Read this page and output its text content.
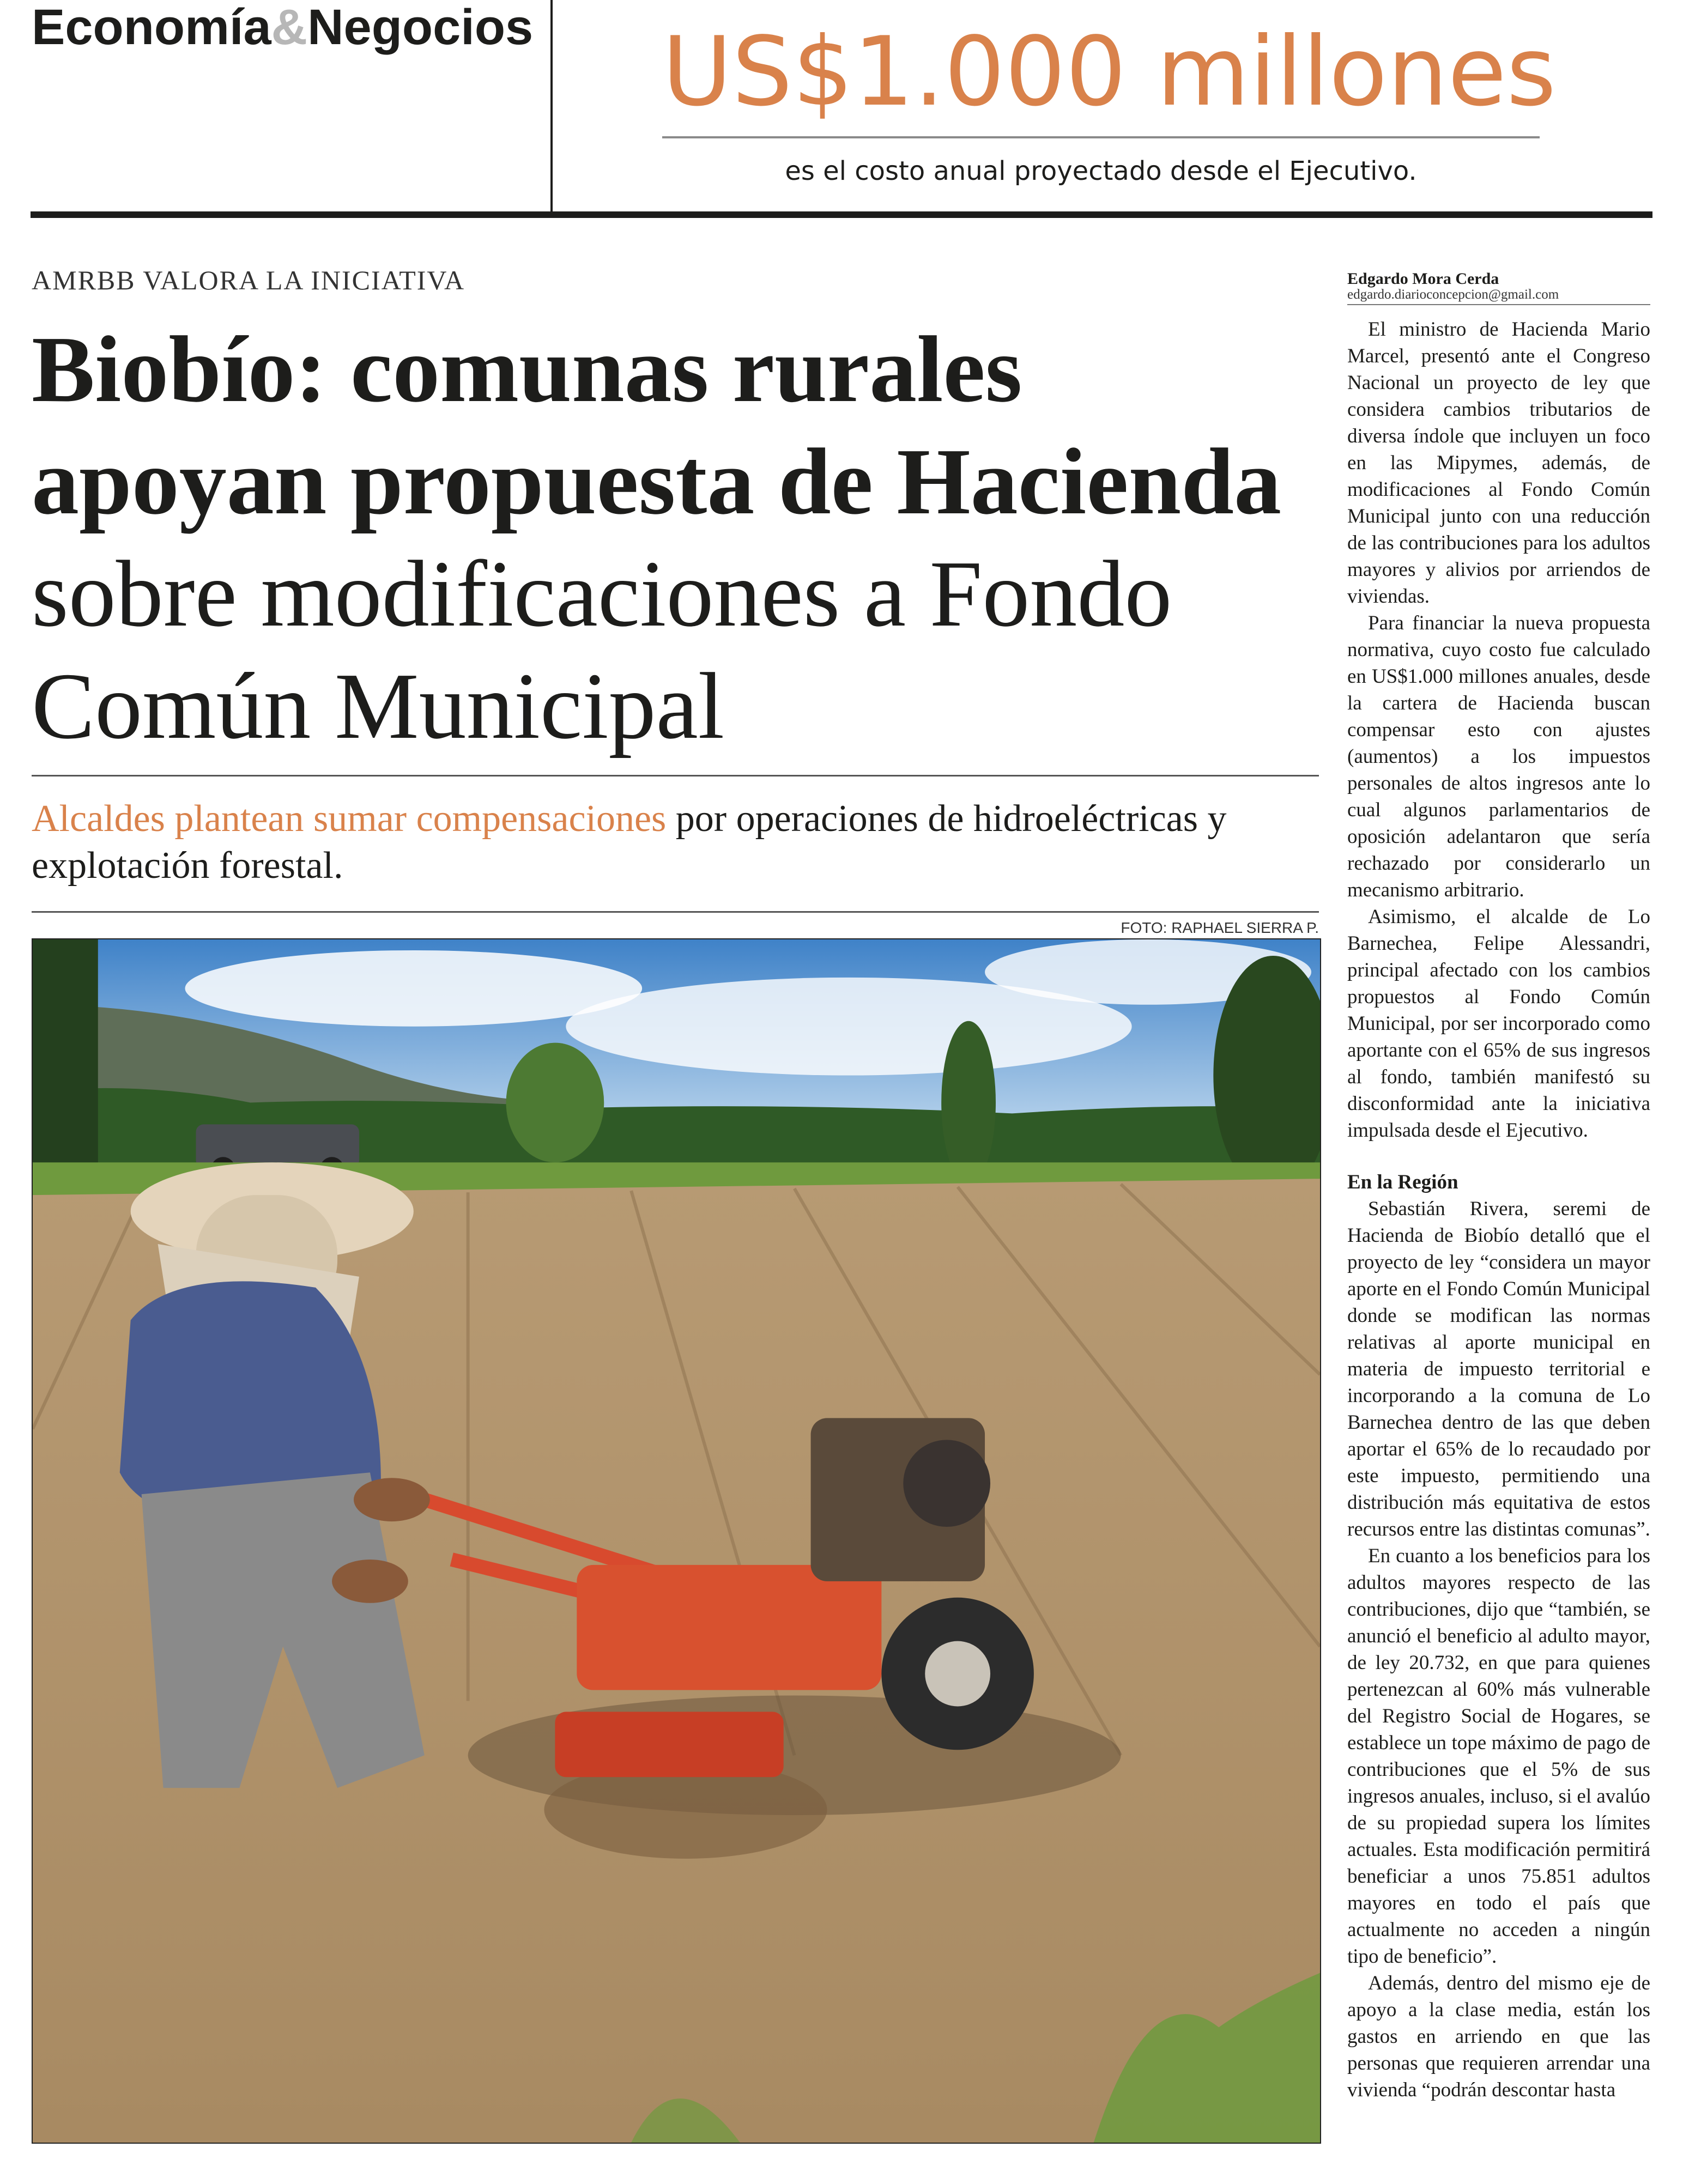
Economía&Negocios US$1.000 millones
es el costo anual proyectado desde el Ejecutivo.
AMRBB VALORA LA INICIATIVA
Biobío: comunas rurales apoyan propuesta de Hacienda sobre modificaciones a Fondo Común Municipal

Alcaldes plantean sumar compensaciones por operaciones de hidroeléctricas y explotación forestal.

FOTO: RAPHAEL SIERRA P.
Edgardo Mora Cerda
edgardo.diarioconcepcion@gmail.com

El ministro de Hacienda Mario Marcel, presentó ante el Congreso Nacional un proyecto de ley que considera cambios tributarios de diversa índole que incluyen un foco en las Mipymes, además, de modificaciones al Fondo Común Municipal junto con una reducción de las contribuciones para los adultos mayores y alivios por arriendos de viviendas.

Para financiar la nueva propuesta normativa, cuyo costo fue calculado en US$1.000 millones anuales, desde la cartera de Hacienda buscan compensar esto con ajustes (aumentos) a los impuestos personales de altos ingresos ante lo cual algunos parlamentarios de oposición adelantaron que sería rechazado por considerarlo un mecanismo arbitrario.

Asimismo, el alcalde de Lo Barnechea, Felipe Alessandri, principal afectado con los cambios propuestos al Fondo Común Municipal, por ser incorporado como aportante con el 65% de sus ingresos al fondo, también manifestó su disconformidad ante la iniciativa impulsada desde el Ejecutivo.

En la Región

Sebastián Rivera, seremi de Hacienda de Biobío detalló que el proyecto de ley “considera un mayor aporte en el Fondo Común Municipal donde se modifican las normas relativas al aporte municipal en materia de impuesto territorial e incorporando a la comuna de Lo Barnechea dentro de las que deben aportar el 65% de lo recaudado por este impuesto, permitiendo una distribución más equitativa de estos recursos entre las distintas comunas”.

En cuanto a los beneficios para los adultos mayores respecto de las contribuciones, dijo que “también, se anunció el beneficio al adulto mayor, de ley 20.732, en que para quienes pertenezcan al 60% más vulnerable del Registro Social de Hogares, se establece un tope máximo de pago de contribuciones que el 5% de sus ingresos anuales, incluso, si el avalúo de su propiedad supera los límites actuales. Esta modificación permitirá beneficiar a unos 75.851 adultos mayores en todo el país que actualmente no acceden a ningún tipo de beneficio”.

Además, dentro del mismo eje de apoyo a la clase media, están los gastos en arriendo en que las personas que requieren arrendar una vivienda “podrán descontar hasta
